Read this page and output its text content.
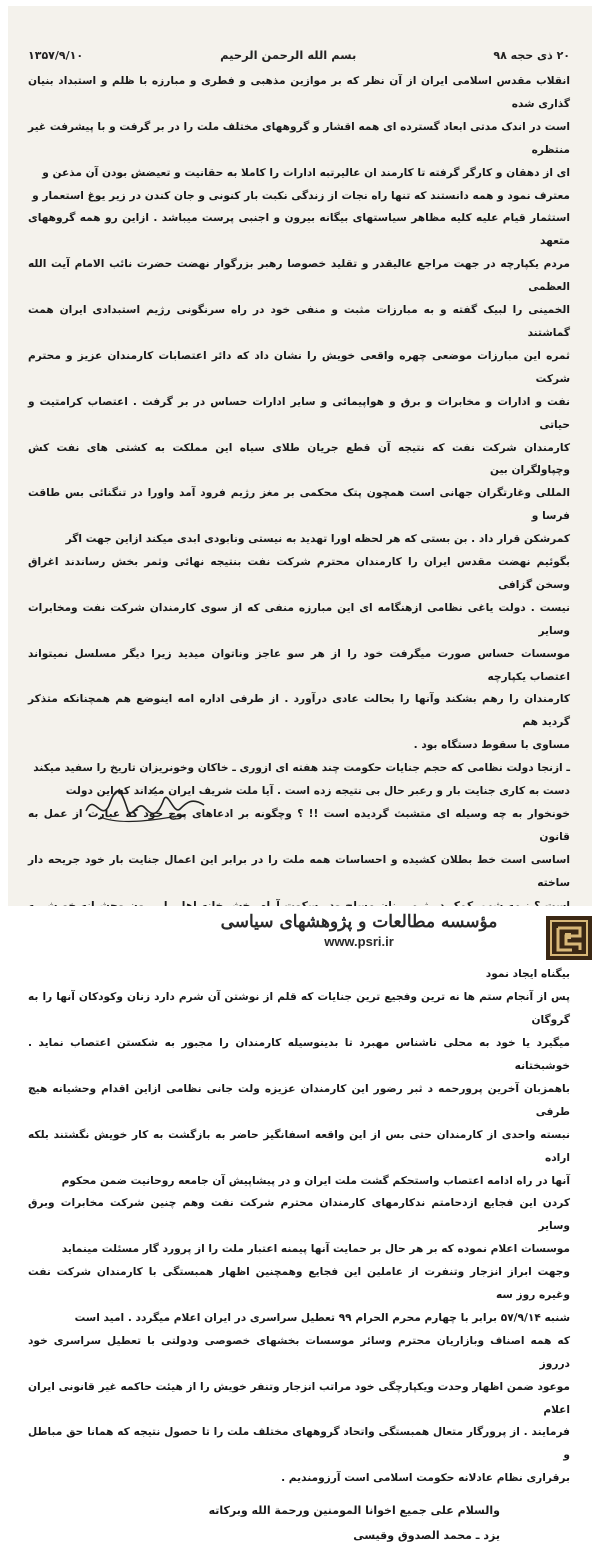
۲۰ ذی حجه ۹۸
بسم الله الرحمن الرحیم
۱۳۵۷/۹/۱۰
انقلاب مقدس اسلامی ایران از آن نظر که بر موازین مذهبی و فطری و مبارزه با ظلم و استبداد بنیان گذاری شده
است در اندک مدتی ابعاد گسترده ای همه اقشار و گروههای مختلف ملت را در بر گرفت و با پیشرفت غیر منتظره
ای از دهقان و کارگر گرفته تا کارمند ان عالیرتبه ادارات را کاملا به حقانیت و تعیضش بودن آن مذعن و
معترف نمود و همه دانستند که تنها راه نجات از زندگی نکبت بار کنونی و جان کندن در زیر یوغ استعمار و
استثمار قیام علیه کلیه مظاهر سیاستهای بیگانه بیرون و اجنبی پرست میباشد . ازاین رو همه گروههای متعهد
مردم یکپارچه در جهت مراجع عالیقدر و تقلید خصوصا رهبر بزرگوار نهضت حضرت نائب الامام آیت الله العظمی
الخمینی را لبیک گفته و به مبارزات مثبت و منفی خود در راه سرنگونی رژیم استبدادی ایران همت گماشتند
ثمره این مبارزات موضعی چهره واقعی خویش را نشان داد که دائر اعتصابات کارمندان عزیز و محترم شرکت
نفت و ادارات و مخابرات و برق و هواپیمائی و سایر ادارات حساس در بر گرفت . اعتصاب کرامتیت و حیاتی
کارمندان شرکت نفت که نتیجه آن قطع جریان طلای سیاه این مملکت به کشتی های نفت کش وچپاولگران بین
المللی وغارتگران جهانی است همچون پتک محکمی بر مغز رژیم فرود آمد واورا در تنگنائی بس طاقت فرسا و
کمرشکن قرار داد . بن بستی که هر لحظه اورا تهدید به نیستی ونابودی ابدی میکند ازاین جهت اگر
بگوئیم نهضت مقدس ایران را کارمندان محترم شرکت نفت بنتیجه نهائی وثمر بخش رساندند اغراق وسخن گزافی
نیست . دولت یاغی نظامی ازهنگامه ای این مبارزه منفی که از سوی کارمندان شرکت نفت ومخابرات وسایر
موسسات حساس صورت میگرفت خود را از هر سو عاجز وناتوان میدید زیرا دیگر مسلسل نمیتواند اعتصاب یکپارچه
کارمندان را رهم بشکند وآنها را بحالت عادی درآورد . از طرفی اداره امه اینوضع هم همچنانکه متذکر گردید هم
مساوی با سقوط دستگاه بود .
ـ ازنجا دولت نظامی که حجم جنایات حکومت چند هفته ای ازوری ـ خاکان وخونریزان تاریخ را سفید میکند
دست به کاری جنایت بار و رعبر حال بی نتیجه زده است . آیا ملت شریف ایران میداند که این دولت
خونخوار به چه وسیله ای متشبث گردیده است !! ؟ وچگونه بر ادعاهای پوچ خود که عبارت از عمل به قانون
اساسی است خط بطلان کشیده و احساسات همه ملت را در برابر این اعمال جنایت بار خود جریحه دار ساخته
بیگناه ایجاد نمود
پس از آنجام ستم ها نه ترین وفجیع ترین جنایات که قلم از نوشتن آن شرم دارد زنان وکودکان آنها را به گروگان
میگیرد یا خود به محلی ناشناس مهبرد تا بدینوسیله کارمندان را مجبور به شکستن اعتصاب نماید . خوشبختانه
باهمزبان آخرین پرورحمه د ثبر رضور این کارمندان عزیزه ولت جانی نظامی ازاین اقدام وحشیانه هیچ طرفی
نبسته واحدی از کارمندان حتی بس از این واقعه اسفانگیز حاضر به بازگشت به کار خویش نگشتند بلکه اراده
آنها در راه ادامه اعتصاب واستحکم گشت ملت ایران و در پیشاپیش آن جامعه روحانیت ضمن محکوم
کردن این فجایع ازدحامتم ندکارمهای کارمندان محترم شرکت نفت وهم چنین شرکت مخابرات وبرق وسایر
موسسات اعلام نموده که بر هر حال بر حمایت آنها پیمنه اعتبار ملت را از پرورد گار مسئلت مینماید
وجهت ابراز انزجار وتنفرت از عاملین این فجایع وهمچنین اظهار همبستگی با کارمندان شرکت نفت وغیره روز سه
شنبه ۵۷/۹/۱۴ برابر با چهارم محرم الحرام ۹۹ تعطیل سراسری در ایران اعلام میگردد . امید است
که همه اصناف وبازاریان محترم وسائر موسسات بخشهای خصوصی ودولتی با تعطیل سراسری خود درروز
موعود ضمن اظهار وحدت ویکپارچگی خود مراتب انزجار وتنفر خویش را از هیئت حاکمه غیر قانونی ایران اعلام
فرمایند . از پرورگار متعال همبستگی واتحاد گروههای مختلف ملت را تا حصول نتیجه که همانا حق مباطل و
برقراری نظام عادلانه حکومت اسلامی است آرزومندیم .
والسلام علی جمیع اخوانا المومنین ورحمة الله وبرکاته
یزد ـ محمد الصدوق وقیسی
مؤسسه مطالعات و پژوهشهای سیاسی
www.psri.ir
